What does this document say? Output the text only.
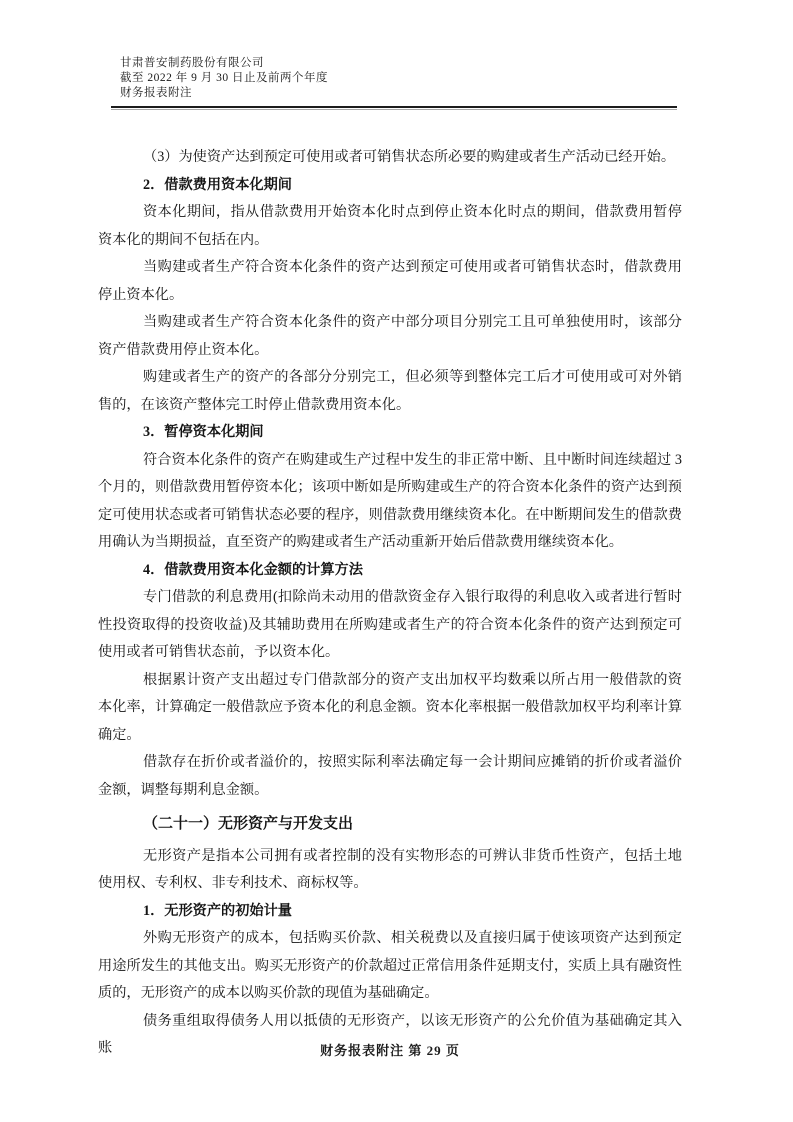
甘肃普安制药股份有限公司
截至 2022 年 9 月 30 日止及前两个年度
财务报表附注
（3）为使资产达到预定可使用或者可销售状态所必要的购建或者生产活动已经开始。
2．借款费用资本化期间
资本化期间，指从借款费用开始资本化时点到停止资本化时点的期间，借款费用暂停资本化的期间不包括在内。
当购建或者生产符合资本化条件的资产达到预定可使用或者可销售状态时，借款费用停止资本化。
当购建或者生产符合资本化条件的资产中部分项目分别完工且可单独使用时，该部分资产借款费用停止资本化。
购建或者生产的资产的各部分分别完工，但必须等到整体完工后才可使用或可对外销售的，在该资产整体完工时停止借款费用资本化。
3．暂停资本化期间
符合资本化条件的资产在购建或生产过程中发生的非正常中断、且中断时间连续超过 3 个月的，则借款费用暂停资本化；该项中断如是所购建或生产的符合资本化条件的资产达到预定可使用状态或者可销售状态必要的程序，则借款费用继续资本化。在中断期间发生的借款费用确认为当期损益，直至资产的购建或者生产活动重新开始后借款费用继续资本化。
4．借款费用资本化金额的计算方法
专门借款的利息费用(扣除尚未动用的借款资金存入银行取得的利息收入或者进行暂时性投资取得的投资收益)及其辅助费用在所购建或者生产的符合资本化条件的资产达到预定可使用或者可销售状态前，予以资本化。
根据累计资产支出超过专门借款部分的资产支出加权平均数乘以所占用一般借款的资本化率，计算确定一般借款应予资本化的利息金额。资本化率根据一般借款加权平均利率计算确定。
借款存在折价或者溢价的，按照实际利率法确定每一会计期间应摊销的折价或者溢价金额，调整每期利息金额。
（二十一）无形资产与开发支出
无形资产是指本公司拥有或者控制的没有实物形态的可辨认非货币性资产，包括土地使用权、专利权、非专利技术、商标权等。
1．无形资产的初始计量
外购无形资产的成本，包括购买价款、相关税费以及直接归属于使该项资产达到预定用途所发生的其他支出。购买无形资产的价款超过正常信用条件延期支付，实质上具有融资性质的，无形资产的成本以购买价款的现值为基础确定。
债务重组取得债务人用以抵债的无形资产，以该无形资产的公允价值为基础确定其入账	财务报表附注 第 29 页
